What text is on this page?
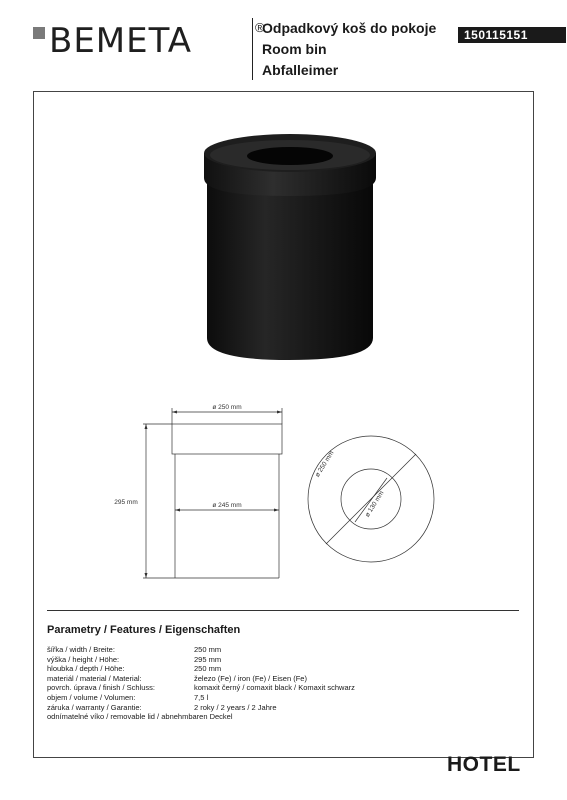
BEMETA	®
Odpadkový koš do pokoje
Room bin
Abfalleimer
150115151
ø 250 mm
ø 245 mm
295 mm
ø 250 mm
ø 130 mm
Parametry / Features / Eigenschaften
šířka / width / Breite:	250 mm
výška / height / Höhe:	295 mm
hloubka / depth / Höhe:	250 mm
materiál / material / Material:	železo (Fe) / iron (Fe) / Eisen (Fe)
povrch. úprava / finish / Schluss:	komaxit černý / comaxit black / Komaxit schwarz
objem / volume / Volumen:	7,5 l
záruka / warranty / Garantie:	2 roky / 2 years / 2 Jahre
odnímatelné víko / removable lid / abnehmbaren Deckel
HOTEL
